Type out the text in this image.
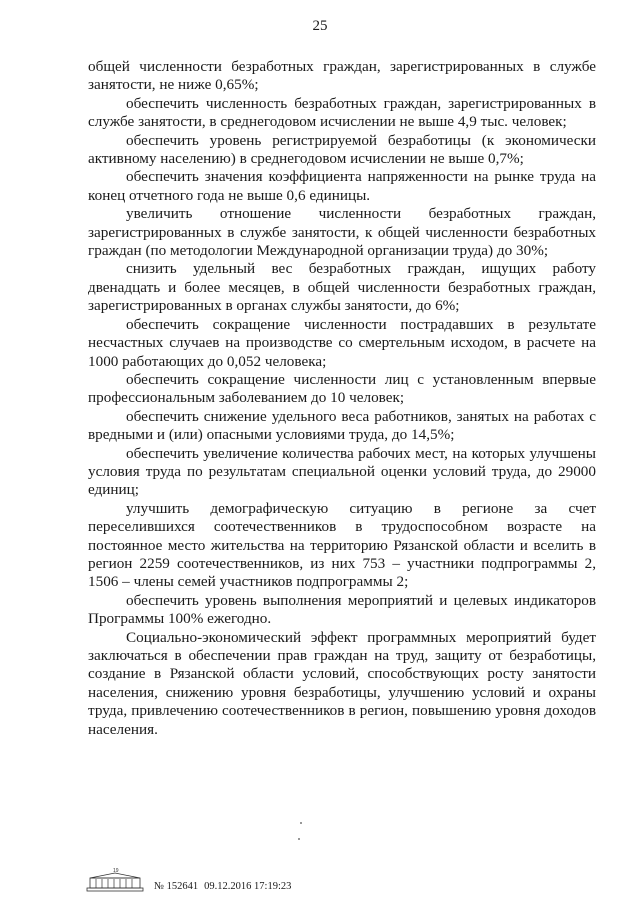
25

общей численности безработных граждан, зарегистрированных в службе занятости, не ниже 0,65%;

обеспечить численность безработных граждан, зарегистрированных в службе занятости, в среднегодовом исчислении не выше 4,9 тыс. человек;

обеспечить уровень регистрируемой безработицы (к экономически активному населению) в среднегодовом исчислении не выше 0,7%;

обеспечить значения коэффициента напряженности на рынке труда на конец отчетного года не выше 0,6 единицы.

увеличить отношение численности безработных граждан, зарегистрированных в службе занятости, к общей численности безработных граждан (по методологии Международной организации труда) до 30%;

снизить удельный вес безработных граждан, ищущих работу двенадцать и более месяцев, в общей численности безработных граждан, зарегистрированных в органах службы занятости, до 6%;

обеспечить сокращение численности пострадавших в результате несчастных случаев на производстве со смертельным исходом, в расчете на 1000 работающих до 0,052 человека;

обеспечить сокращение численности лиц с установленным впервые профессиональным заболеванием до 10 человек;

обеспечить снижение удельного веса работников, занятых на работах с вредными и (или) опасными условиями труда, до 14,5%;

обеспечить увеличение количества рабочих мест, на которых улучшены условия труда по результатам специальной оценки условий труда, до 29000 единиц;

улучшить демографическую ситуацию в регионе за счет переселившихся соотечественников в трудоспособном возрасте на постоянное место жительства на территорию Рязанской области и вселить в регион 2259 соотечественников, из них 753 – участники подпрограммы 2, 1506 – члены семей участников подпрограммы 2;

обеспечить уровень выполнения мероприятий и целевых индикаторов Программы 100% ежегодно.

Социально-экономический эффект программных мероприятий будет заключаться в обеспечении прав граждан на труд, защиту от безработицы, создание в Рязанской области условий, способствующих росту занятости населения, снижению уровня безработицы, улучшению условий и охраны труда, привлечению соотечественников в регион, повышению уровня доходов населения.

19
№ 152641 09.12.2016 17:19:23
